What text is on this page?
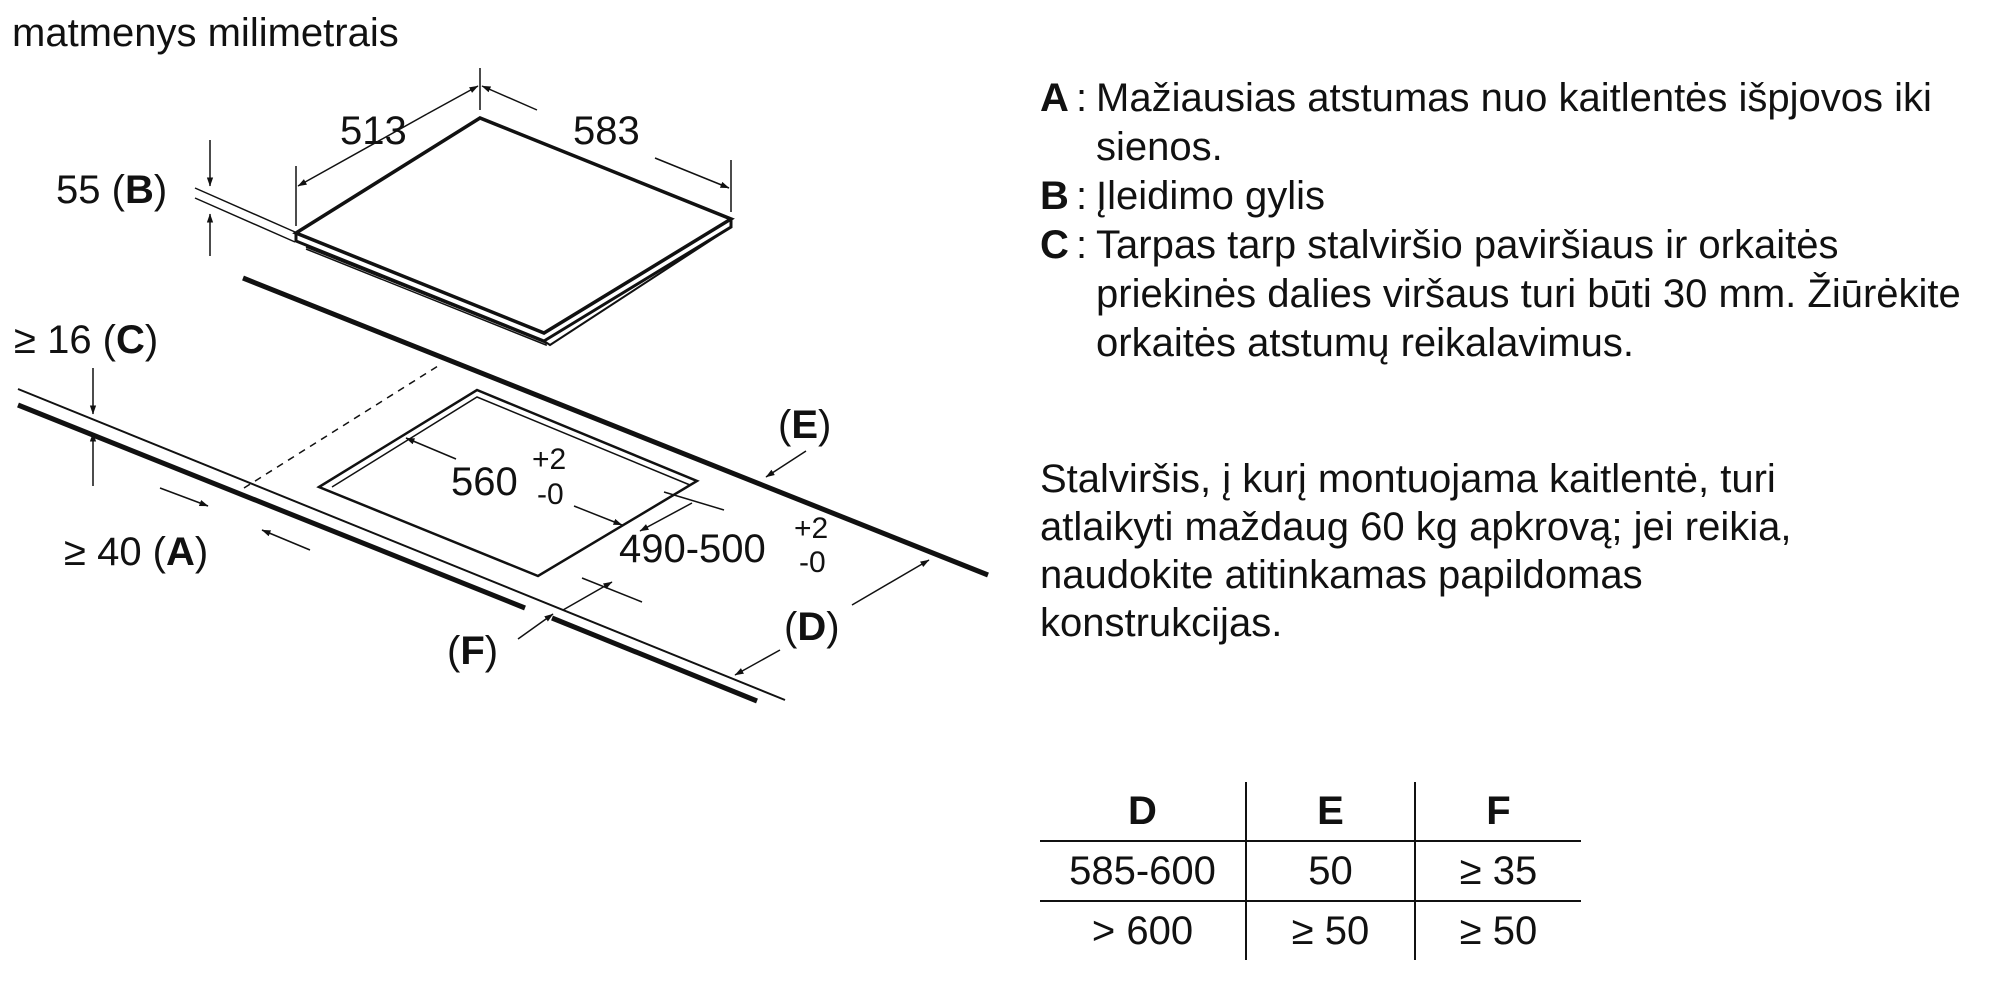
matmenys milimetrais
513	583
55 (B)
≥ 16 (C)
≥ 40 (A)
560
+2
-0
490-500 +2
-0
(E)
(D)
(F)
A : Mažiausias atstumas nuo kaitlentės išpjovos iki sienos.
B : Įleidimo gylis
C : Tarpas tarp stalviršio paviršiaus ir orkaitės priekinės dalies viršaus turi būti 30 mm. Žiūrėkite orkaitės atstumų reikalavimus.

Stalviršis, į kurį montuojama kaitlentė, turi

atlaikyti maždaug 60 kg apkrovą; jei reikia,

naudokite atitinkamas papildomas

konstrukcijas.

D	E	F
585-600	50	≥ 35
> 600	≥ 50	≥ 50
